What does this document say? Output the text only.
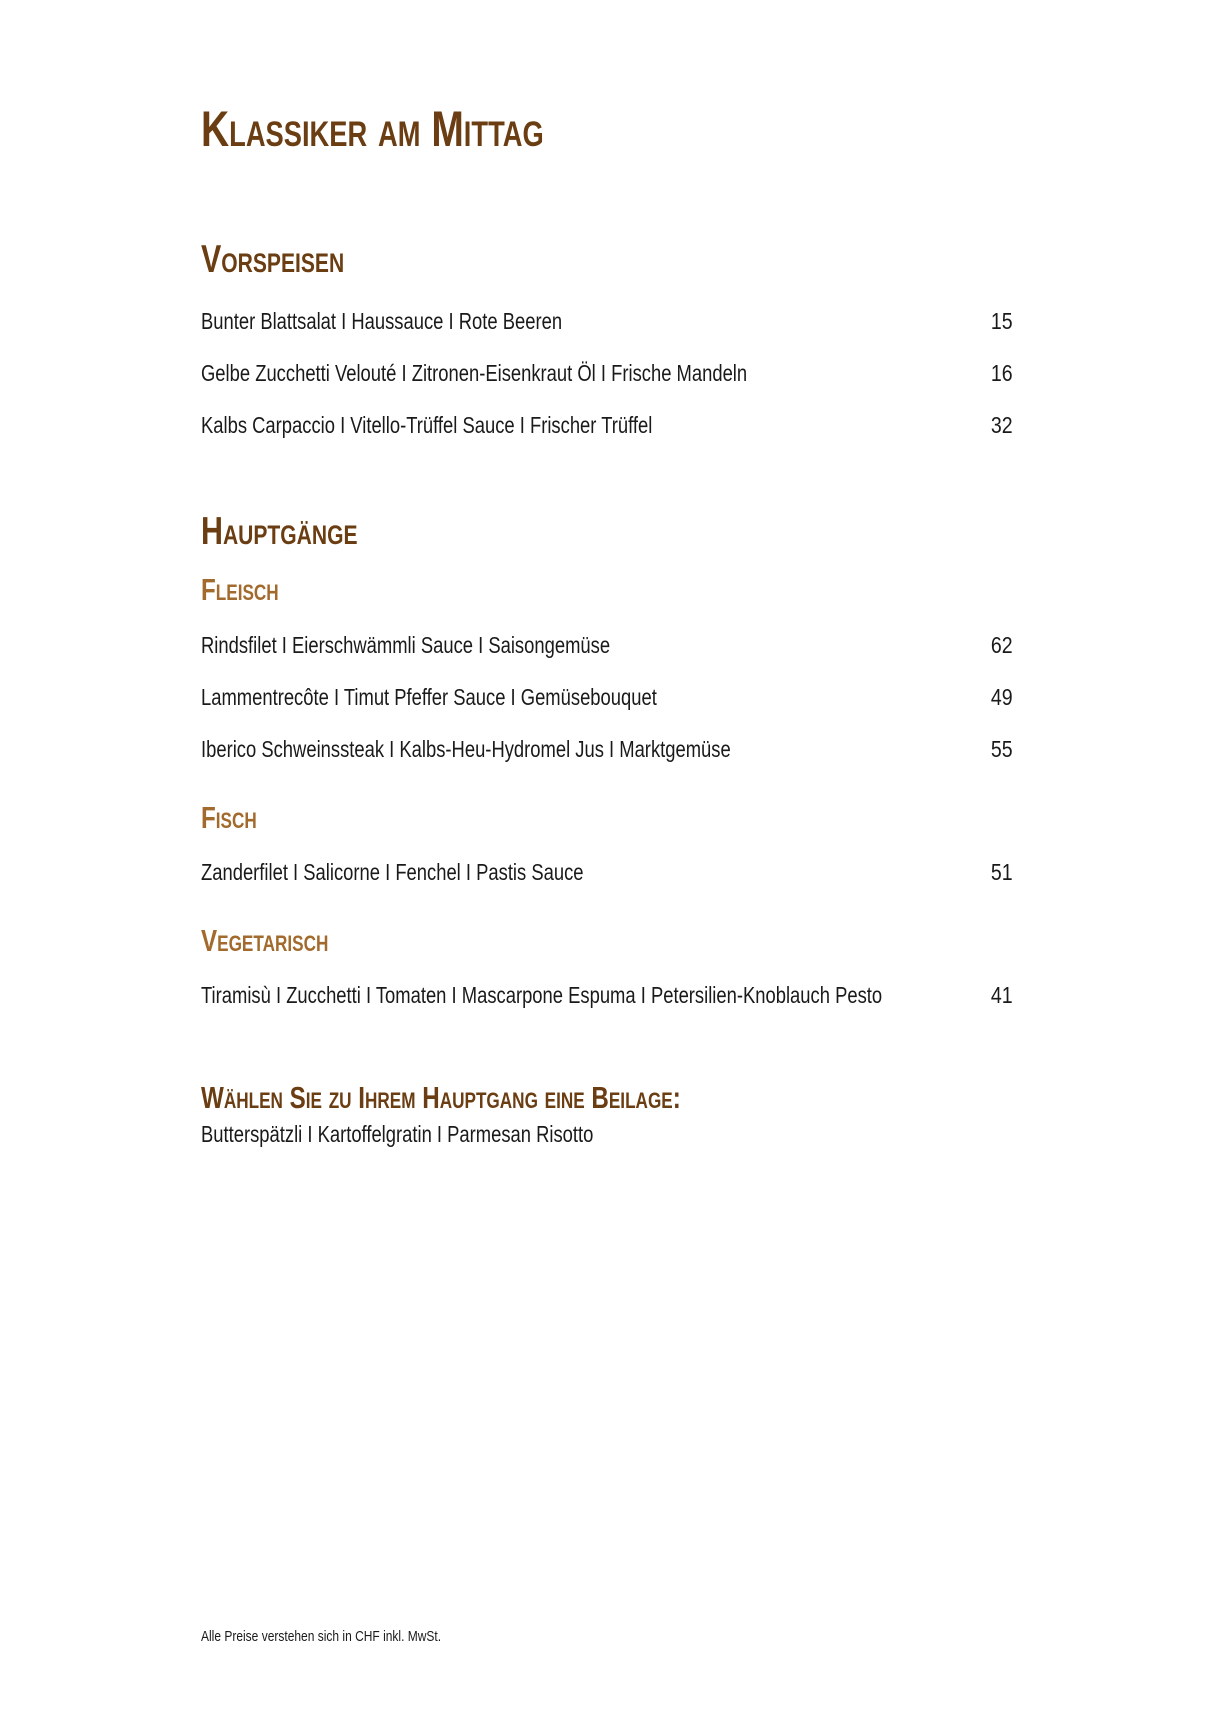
Klassiker am Mittag
Vorspeisen
Bunter Blattsalat I Haussauce I Rote Beeren	15
Gelbe Zucchetti Velouté I Zitronen-Eisenkraut Öl I Frische Mandeln	16
Kalbs Carpaccio I Vitello-Trüffel Sauce I Frischer Trüffel	32
Hauptgänge
Fleisch
Rindsfilet I Eierschwämmli Sauce I Saisongemüse	62
Lammentrecôte I Timut Pfeffer Sauce I Gemüsebouquet	49
Iberico Schweinssteak I Kalbs-Heu-Hydromel Jus I Marktgemüse	55
Fisch
Zanderfilet I Salicorne I Fenchel I Pastis Sauce	51
Vegetarisch
Tiramisù I Zucchetti I Tomaten I Mascarpone Espuma I Petersilien-Knoblauch Pesto	41
Wählen Sie zu Ihrem Hauptgang eine Beilage:
Butterspätzli I Kartoffelgratin I Parmesan Risotto
Alle Preise verstehen sich in CHF inkl. MwSt.
